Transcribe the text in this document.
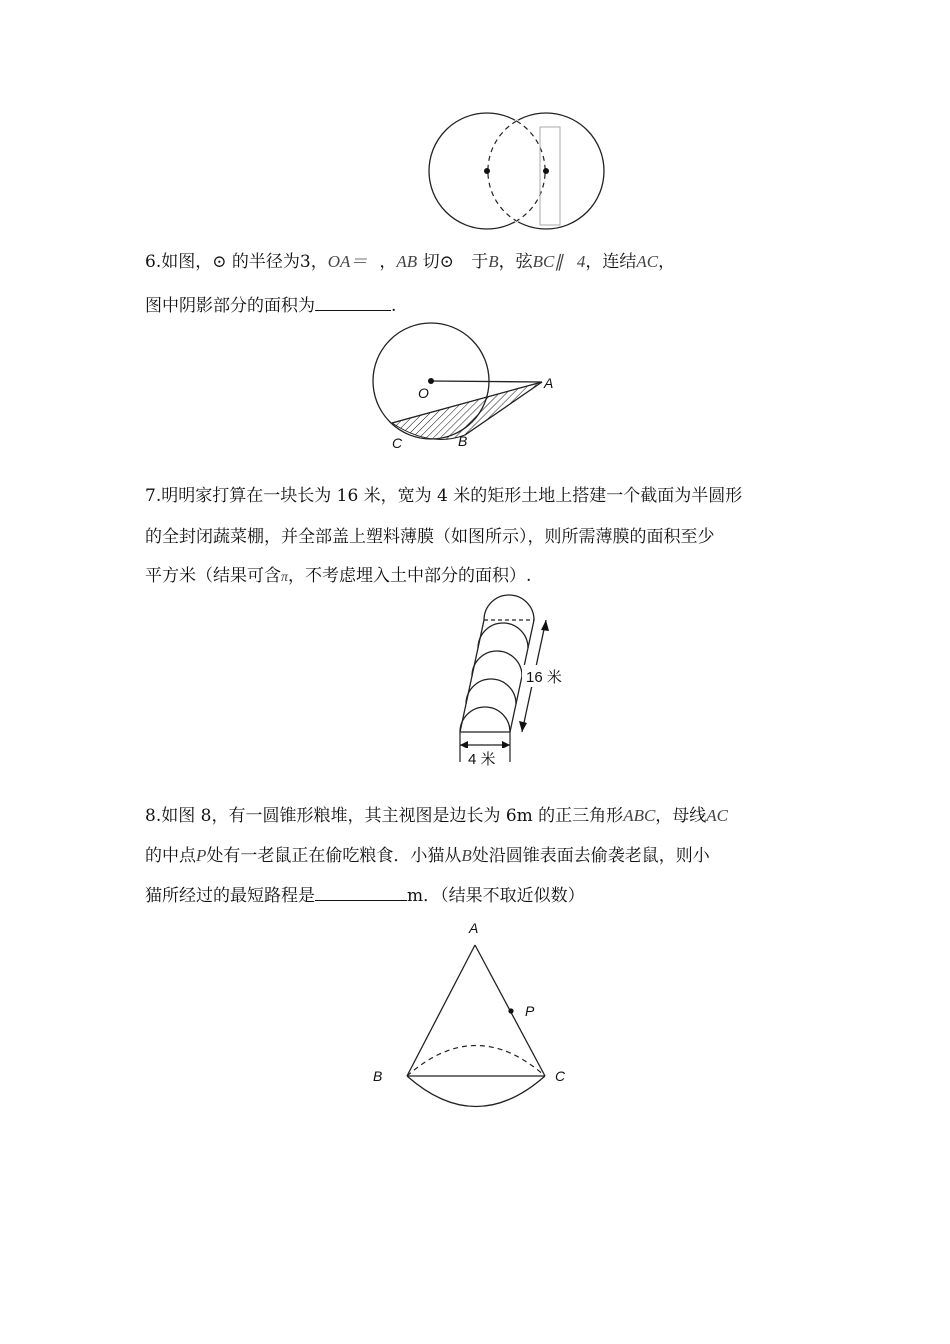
6.如图，⊙ 的半径为3，OA＝ ，AB 切⊙ 于B，弦BC∥ 4，连结AC，

图中阴影部分的面积为	.

O
A
C	B

7.明明家打算在一块长为 16 米，宽为 4 米的矩形土地上搭建一个截面为半圆形

的全封闭蔬菜棚，并全部盖上塑料薄膜（如图所示），则所需薄膜的面积至少

平方米（结果可含π，不考虑埋入土中部分的面积）.

16 米
4 米

8.如图 8，有一圆锥形粮堆，其主视图是边长为 6m 的正三角形ABC，母线AC

的中点P处有一老鼠正在偷吃粮食．小猫从B处沿圆锥表面去偷袭老鼠，则小

猫所经过的最短路程是	m．（结果不取近似数）

A
P
B	C
